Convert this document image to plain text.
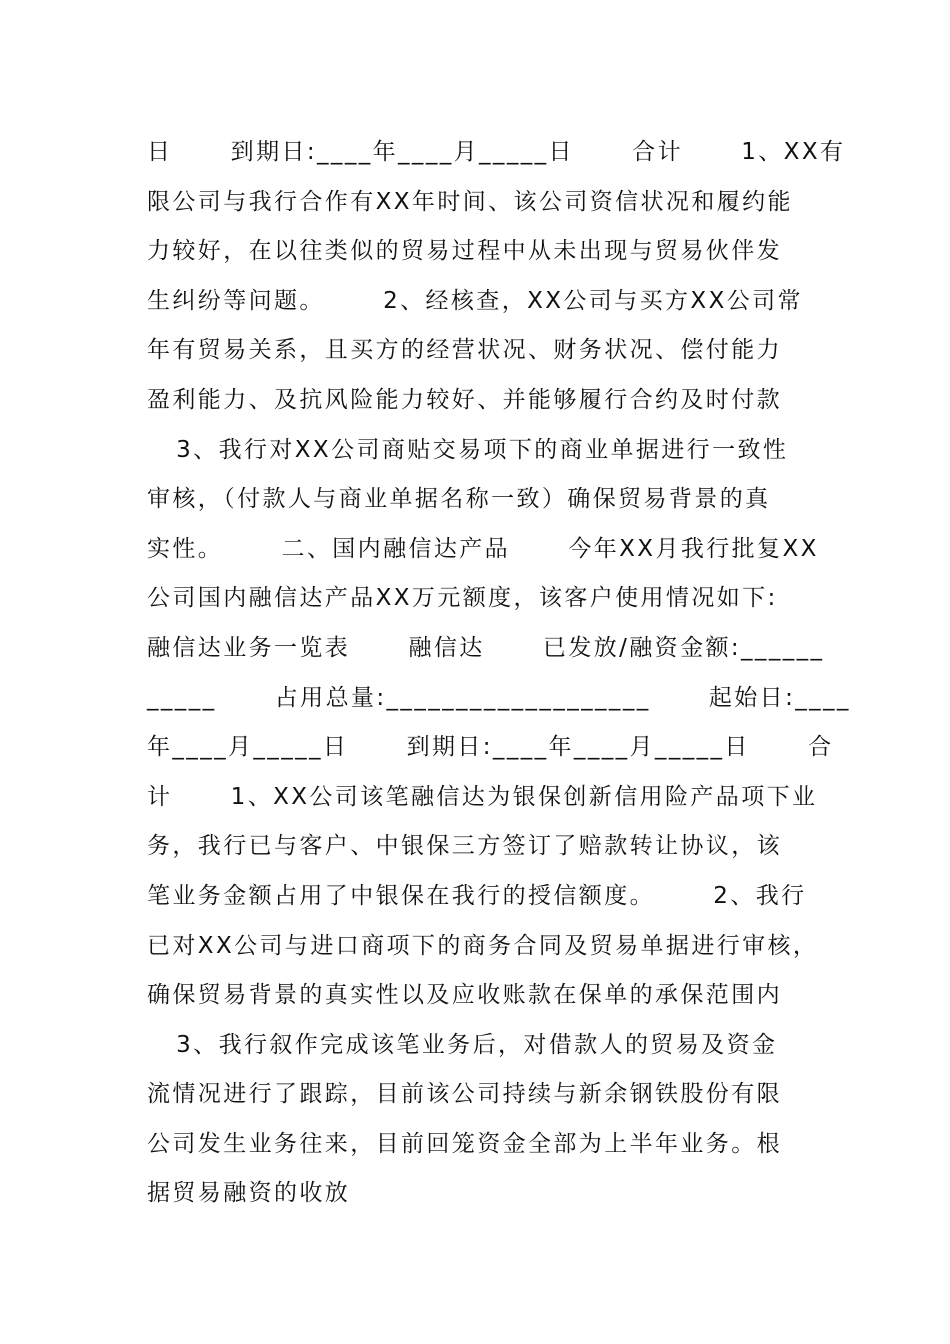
日      到期日:____年____月_____日      合计      1、XX有
限公司与我行合作有XX年时间、该公司资信状况和履约能
力较好，在以往类似的贸易过程中从未出现与贸易伙伴发
生纠纷等问题。      2、经核查，XX公司与买方XX公司常
年有贸易关系，且买方的经营状况、财务状况、偿付能力
盈利能力、及抗风险能力较好、并能够履行合约及时付款
3、我行对XX公司商贴交易项下的商业单据进行一致性
审核，（付款人与商业单据名称一致）确保贸易背景的真
实性。      二、国内融信达产品      今年XX月我行批复XX
公司国内融信达产品XX万元额度，该客户使用情况如下:
融信达业务一览表      融信达      已发放/融资金额:______
_____      占用总量:___________________      起始日:____
年____月_____日      到期日:____年____月_____日      合
计      1、XX公司该笔融信达为银保创新信用险产品项下业
务，我行已与客户、中银保三方签订了赔款转让协议，该
笔业务金额占用了中银保在我行的授信额度。      2、我行
已对XX公司与进口商项下的商务合同及贸易单据进行审核，
确保贸易背景的真实性以及应收账款在保单的承保范围内
3、我行叙作完成该笔业务后，对借款人的贸易及资金
流情况进行了跟踪，目前该公司持续与新余钢铁股份有限
公司发生业务往来，目前回笼资金全部为上半年业务。根
据贸易融资的收放
